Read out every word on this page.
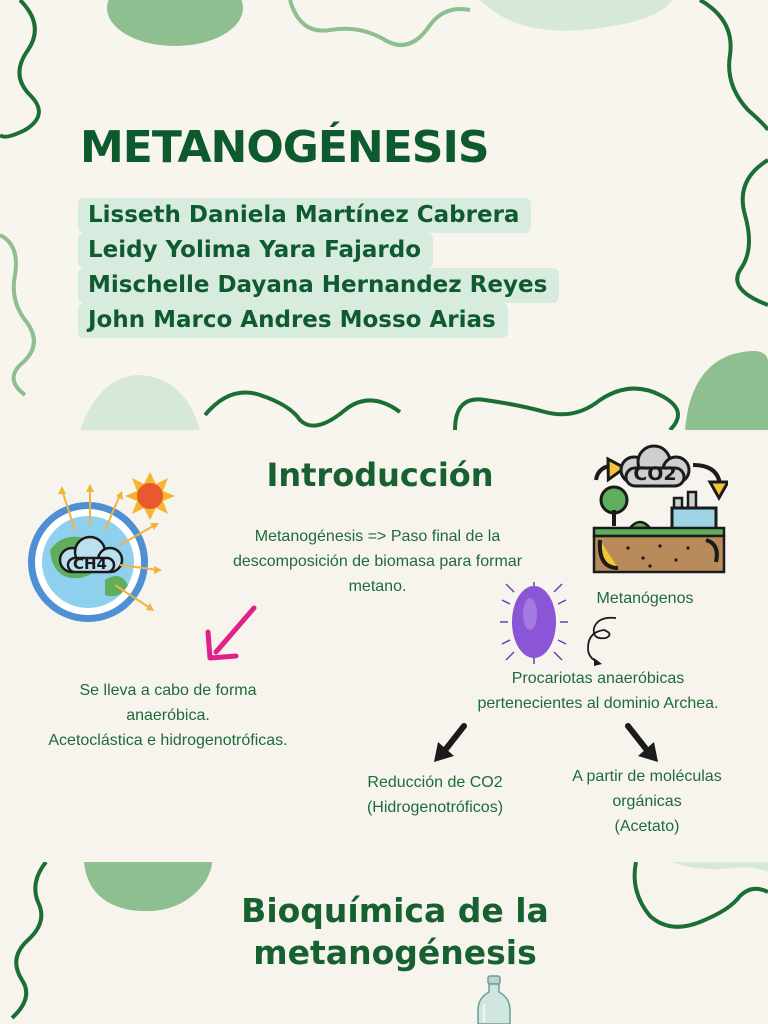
METANOGÉNESIS
Lisseth Daniela Martínez Cabrera
Leidy Yolima Yara Fajardo
Mischelle Dayana Hernandez Reyes
John Marco Andres Mosso Arias
Introducción
CH4

Metanogénesis => Paso final de la descomposición de biomasa para formar metano.

CO2

Metanógenos

Se lleva a cabo de forma
anaeróbica.
Acetoclástica e hidrogenotróficas.

Procariotas anaeróbicas
pertenecientes al dominio Archea.

Reducción de CO2
(Hidrogenotróficos)

A partir de moléculas
orgánicas
(Acetato)

Bioquímica de la
metanogénesis
